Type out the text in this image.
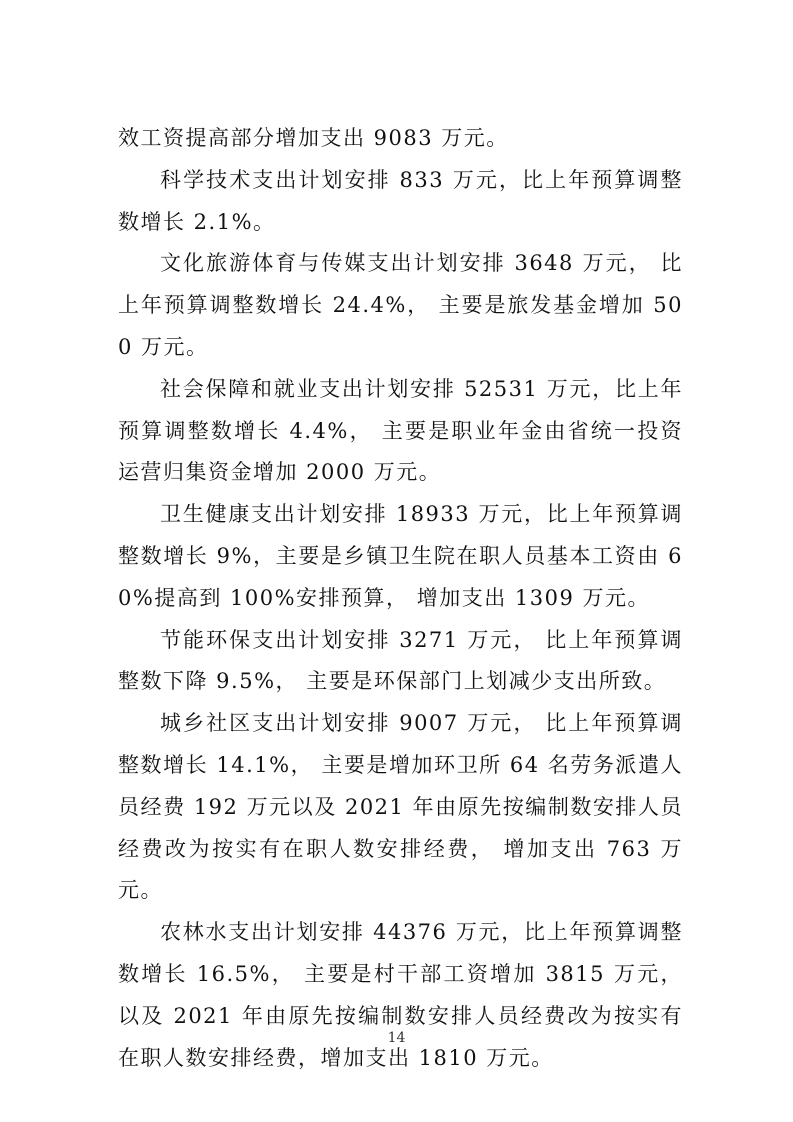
效工资提高部分增加支出 9083 万元。

科学技术支出计划安排 833 万元，比上年预算调整数增长 2.1%。

文化旅游体育与传媒支出计划安排 3648 万元， 比上年预算调整数增长 24.4%， 主要是旅发基金增加 500 万元。

社会保障和就业支出计划安排 52531 万元，比上年预算调整数增长 4.4%， 主要是职业年金由省统一投资运营归集资金增加 2000 万元。

卫生健康支出计划安排 18933 万元，比上年预算调整数增长 9%，主要是乡镇卫生院在职人员基本工资由 60%提高到 100%安排预算， 增加支出 1309 万元。

节能环保支出计划安排 3271 万元， 比上年预算调整数下降 9.5%， 主要是环保部门上划减少支出所致。

城乡社区支出计划安排 9007 万元， 比上年预算调整数增长 14.1%， 主要是增加环卫所 64 名劳务派遣人员经费 192 万元以及 2021 年由原先按编制数安排人员经费改为按实有在职人数安排经费， 增加支出 763 万元。

农林水支出计划安排 44376 万元，比上年预算调整数增长 16.5%， 主要是村干部工资增加 3815 万元， 以及 2021 年由原先按编制数安排人员经费改为按实有在职人数安排经费，增加支出 1810 万元。

14
